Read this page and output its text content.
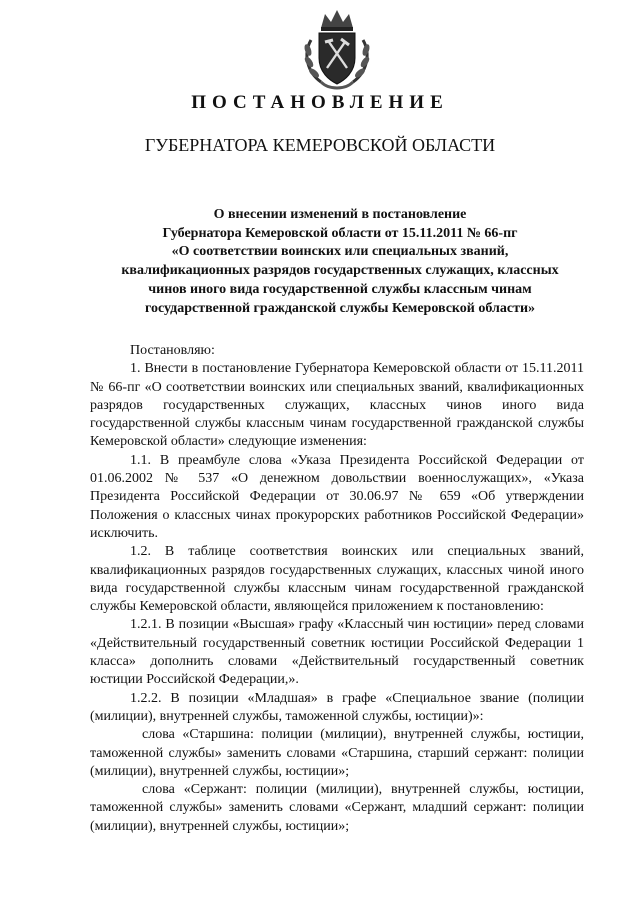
ПОСТАНОВЛЕНИЕ
ГУБЕРНАТОРА КЕМЕРОВСКОЙ ОБЛАСТИ
О внесении изменений в постановление
Губернатора Кемеровской области от 15.11.2011 № 66-пг
«О соответствии воинских или специальных званий,
квалификационных разрядов государственных служащих, классных
чинов иного вида государственной службы классным чинам
государственной гражданской службы Кемеровской области»

Постановляю:

1. Внести в постановление Губернатора Кемеровской области от 15.11.2011 № 66-пг «О соответствии воинских или специальных званий, квалификационных разрядов государственных служащих, классных чинов иного вида государственной службы классным чинам государственной гражданской службы Кемеровской области» следующие изменения:

1.1. В преамбуле слова «Указа Президента Российской Федерации от 01.06.2002 № 537 «О денежном довольствии военнослужащих», «Указа Президента Российской Федерации от 30.06.97 № 659 «Об утверждении Положения о классных чинах прокурорских работников Российской Федерации» исключить.

1.2. В таблице соответствия воинских или специальных званий, квалификационных разрядов государственных служащих, классных чиной иного вида государственной службы классным чинам государственной гражданской службы Кемеровской области, являющейся приложением к постановлению:

1.2.1. В позиции «Высшая» графу «Классный чин юстиции» перед словами «Действительный государственный советник юстиции Российской Федерации 1 класса» дополнить словами «Действительный государственный советник юстиции Российской Федерации,».

1.2.2. В позиции «Младшая» в графе «Специальное звание (полиции (милиции), внутренней службы, таможенной службы, юстиции)»:

слова «Старшина: полиции (милиции), внутренней службы, юстиции, таможенной службы» заменить словами «Старшина, старший сержант: полиции (милиции), внутренней службы, юстиции»;

слова «Сержант: полиции (милиции), внутренней службы, юстиции, таможенной службы» заменить словами «Сержант, младший сержант: полиции (милиции), внутренней службы, юстиции»;
